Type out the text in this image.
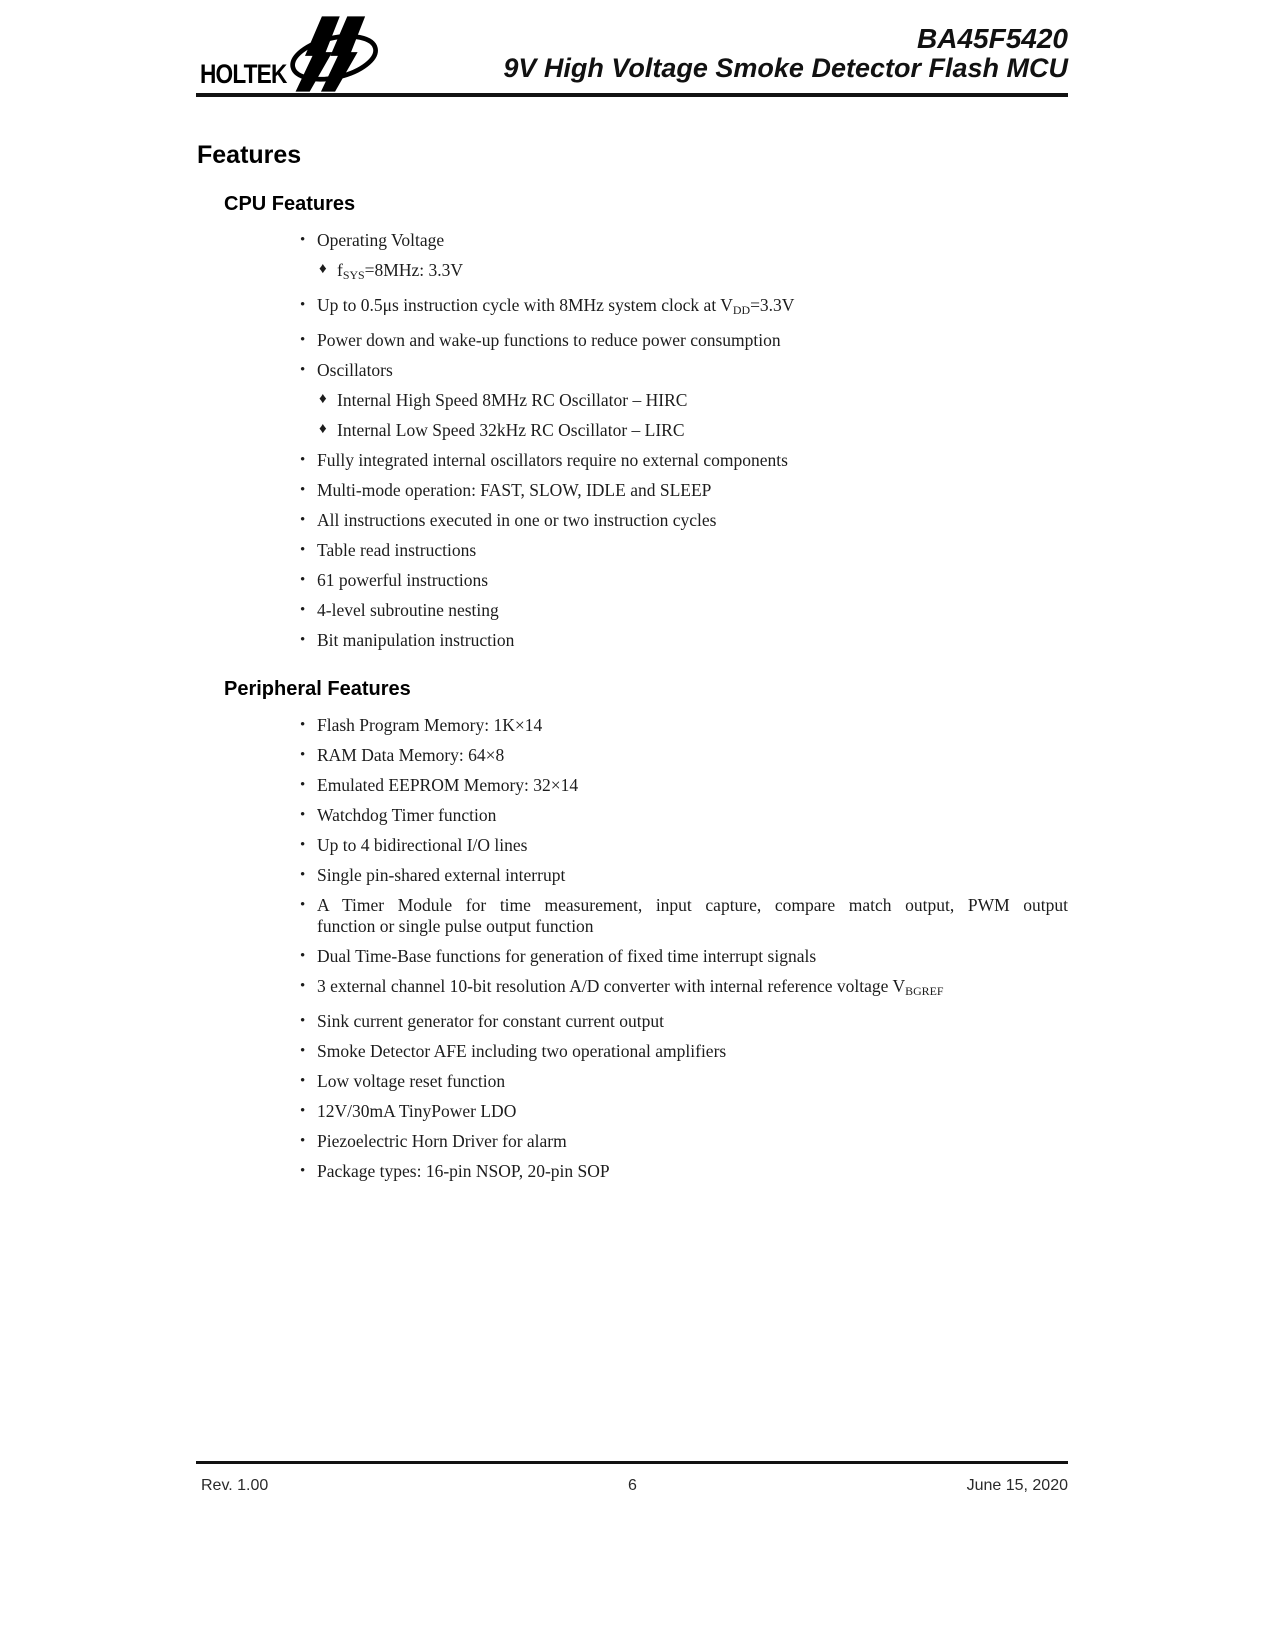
HOLTEK
BA45F5420
9V High Voltage Smoke Detector Flash MCU
Features
CPU Features
• Operating Voltage
♦ $f_{SYS}=8MHz$: 3.3V
• Up to 0.5μs instruction cycle with 8MHz system clock at $V_{DD}=3.3V$
• Power down and wake-up functions to reduce power consumption
• Oscillators
♦ Internal High Speed 8MHz RC Oscillator – HIRC
♦ Internal Low Speed 32kHz RC Oscillator – LIRC
• Fully integrated internal oscillators require no external components
• Multi-mode operation: FAST, SLOW, IDLE and SLEEP
• All instructions executed in one or two instruction cycles
• Table read instructions
• 61 powerful instructions
• 4-level subroutine nesting
• Bit manipulation instruction
Peripheral Features
• Flash Program Memory: 1K×14
• RAM Data Memory: 64×8
• Emulated EEPROM Memory: 32×14
• Watchdog Timer function
• Up to 4 bidirectional I/O lines
• Single pin-shared external interrupt
• A Timer Module for time measurement, input capture, compare match output, PWM output
function or single pulse output function
• Dual Time-Base functions for generation of fixed time interrupt signals
• 3 external channel 10-bit resolution A/D converter with internal reference voltage $V_{BGREF}$
• Sink current generator for constant current output
• Smoke Detector AFE including two operational amplifiers
• Low voltage reset function
• 12V/30mA TinyPower LDO
• Piezoelectric Horn Driver for alarm
• Package types: 16-pin NSOP, 20-pin SOP
Rev. 1.00	6	June 15, 2020
